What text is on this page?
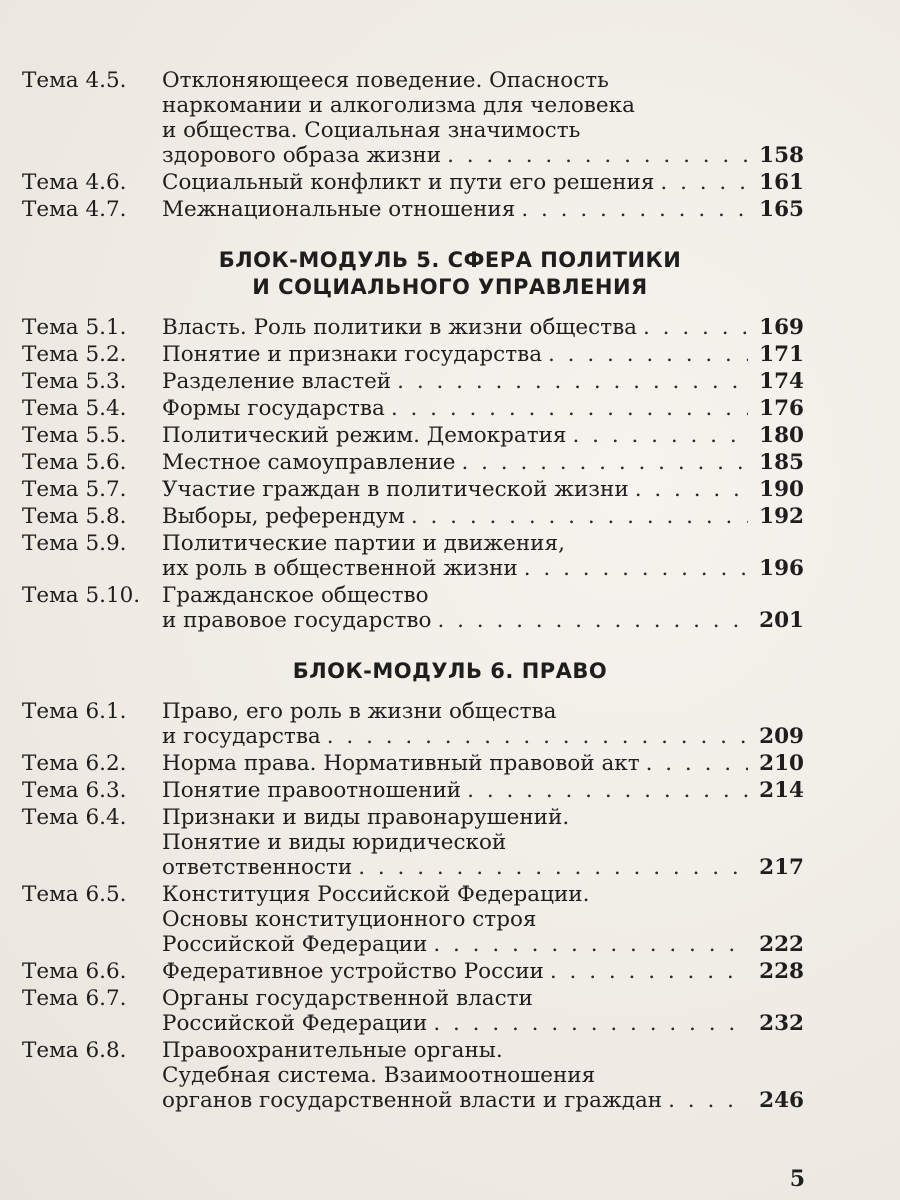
Тема 4.5.	Отклоняющееся поведение. Опасность
наркомании и алкоголизма для человека
и общества. Социальная значимость
здорового образа жизни . . .	158
Тема 4.6.	Социальный конфликт и пути его решения . . .	161
Тема 4.7.	Межнациональные отношения . . .	165
БЛОК-МОДУЛЬ 5. СФЕРА ПОЛИТИКИ
И СОЦИАЛЬНОГО УПРАВЛЕНИЯ
Тема 5.1.	Власть. Роль политики в жизни общества . . .	169
Тема 5.2.	Понятие и признаки государства . . .	171
Тема 5.3.	Разделение властей . . .	174
Тема 5.4.	Формы государства . . .	176
Тема 5.5.	Политический режим. Демократия . . .	180
Тема 5.6.	Местное самоуправление . . .	185
Тема 5.7.	Участие граждан в политической жизни . . .	190
Тема 5.8.	Выборы, референдум . . .	192
Тема 5.9.	Политические партии и движения,
их роль в общественной жизни . . .	196
Тема 5.10.	Гражданское общество
и правовое государство . . .	201
БЛОК-МОДУЛЬ 6. ПРАВО
Тема 6.1.	Право, его роль в жизни общества
и государства . . .	209
Тема 6.2.	Норма права. Нормативный правовой акт . . .	210
Тема 6.3.	Понятие правоотношений . . .	214
Тема 6.4.	Признаки и виды правонарушений.
Понятие и виды юридической
ответственности . . .	217
Тема 6.5.	Конституция Российской Федерации.
Основы конституционного строя
Российской Федерации . . .	222
Тема 6.6.	Федеративное устройство России . . .	228
Тема 6.7.	Органы государственной власти
Российской Федерации . . .	232
Тема 6.8.	Правоохранительные органы.
Судебная система. Взаимоотношения
органов государственной власти и граждан . . .	246
5
